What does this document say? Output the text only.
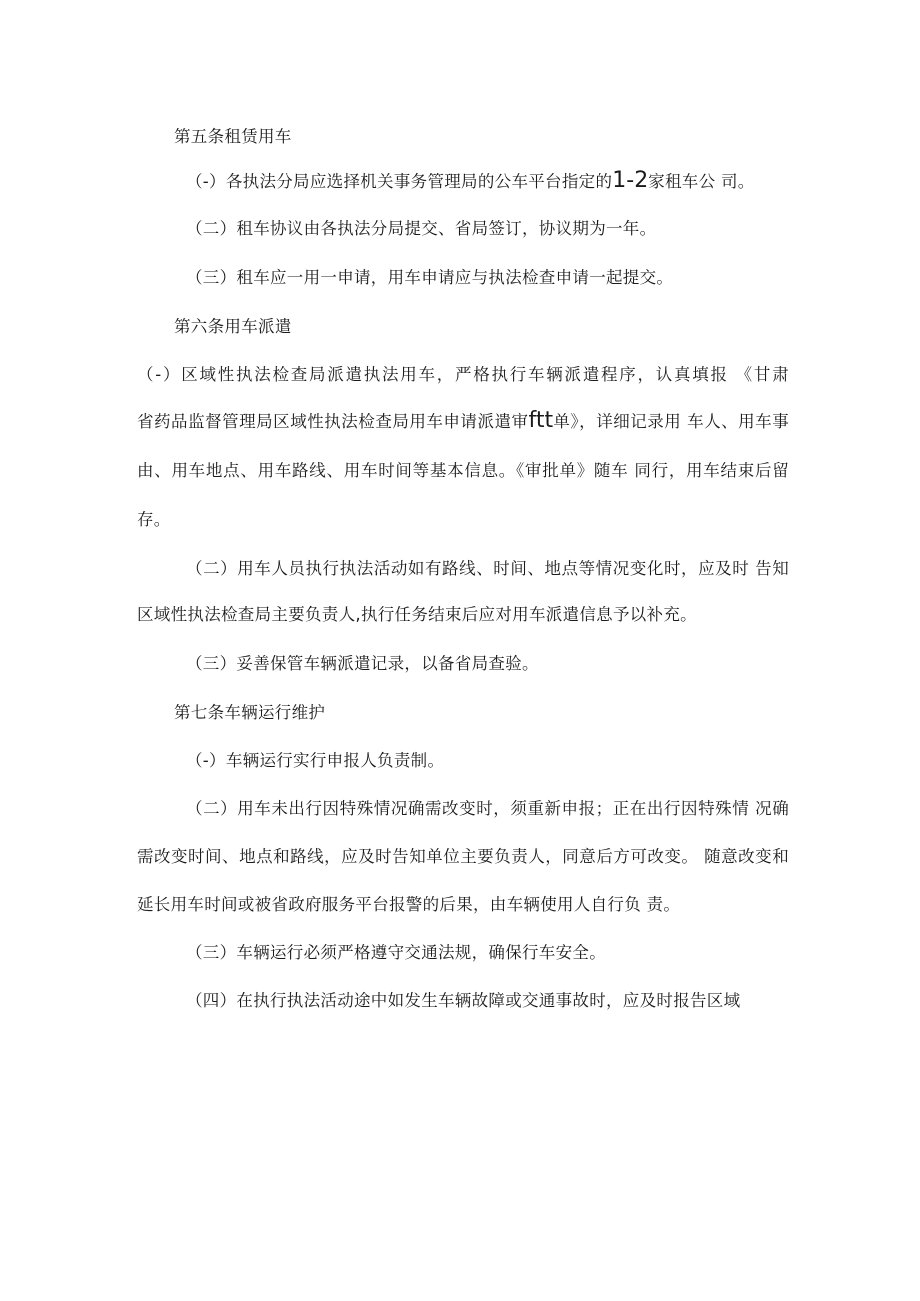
第五条租赁用车
（-）各执法分局应选择机关事务管理局的公车平台指定的1-2家租车公 司。
（二）租车协议由各执法分局提交、省局签订，协议期为一年。
（三）租车应一用一申请，用车申请应与执法检查申请一起提交。
第六条用车派遣
（-）区域性执法检查局派遣执法用车，严格执行车辆派遣程序，认真填报 《甘肃
省药品监督管理局区域性执法检查局用车申请派遣审ftt单》，详细记录用 车人、用车事
由、用车地点、用车路线、用车时间等基本信息。《审批单》随车 同行，用车结束后留
存。
（二）用车人员执行执法活动如有路线、时间、地点等情况变化时，应及时 告知
区域性执法检查局主要负责人,执行任务结束后应对用车派遣信息予以补充。
（三）妥善保管车辆派遣记录，以备省局查验。
第七条车辆运行维护
（-）车辆运行实行申报人负责制。
（二）用车未出行因特殊情况确需改变时，须重新申报；正在出行因特殊情 况确
需改变时间、地点和路线，应及时告知单位主要负责人，同意后方可改变。 随意改变和
延长用车时间或被省政府服务平台报警的后果，由车辆使用人自行负 责。
（三）车辆运行必须严格遵守交通法规，确保行车安全。
（四）在执行执法活动途中如发生车辆故障或交通事故时，应及时报告区域
